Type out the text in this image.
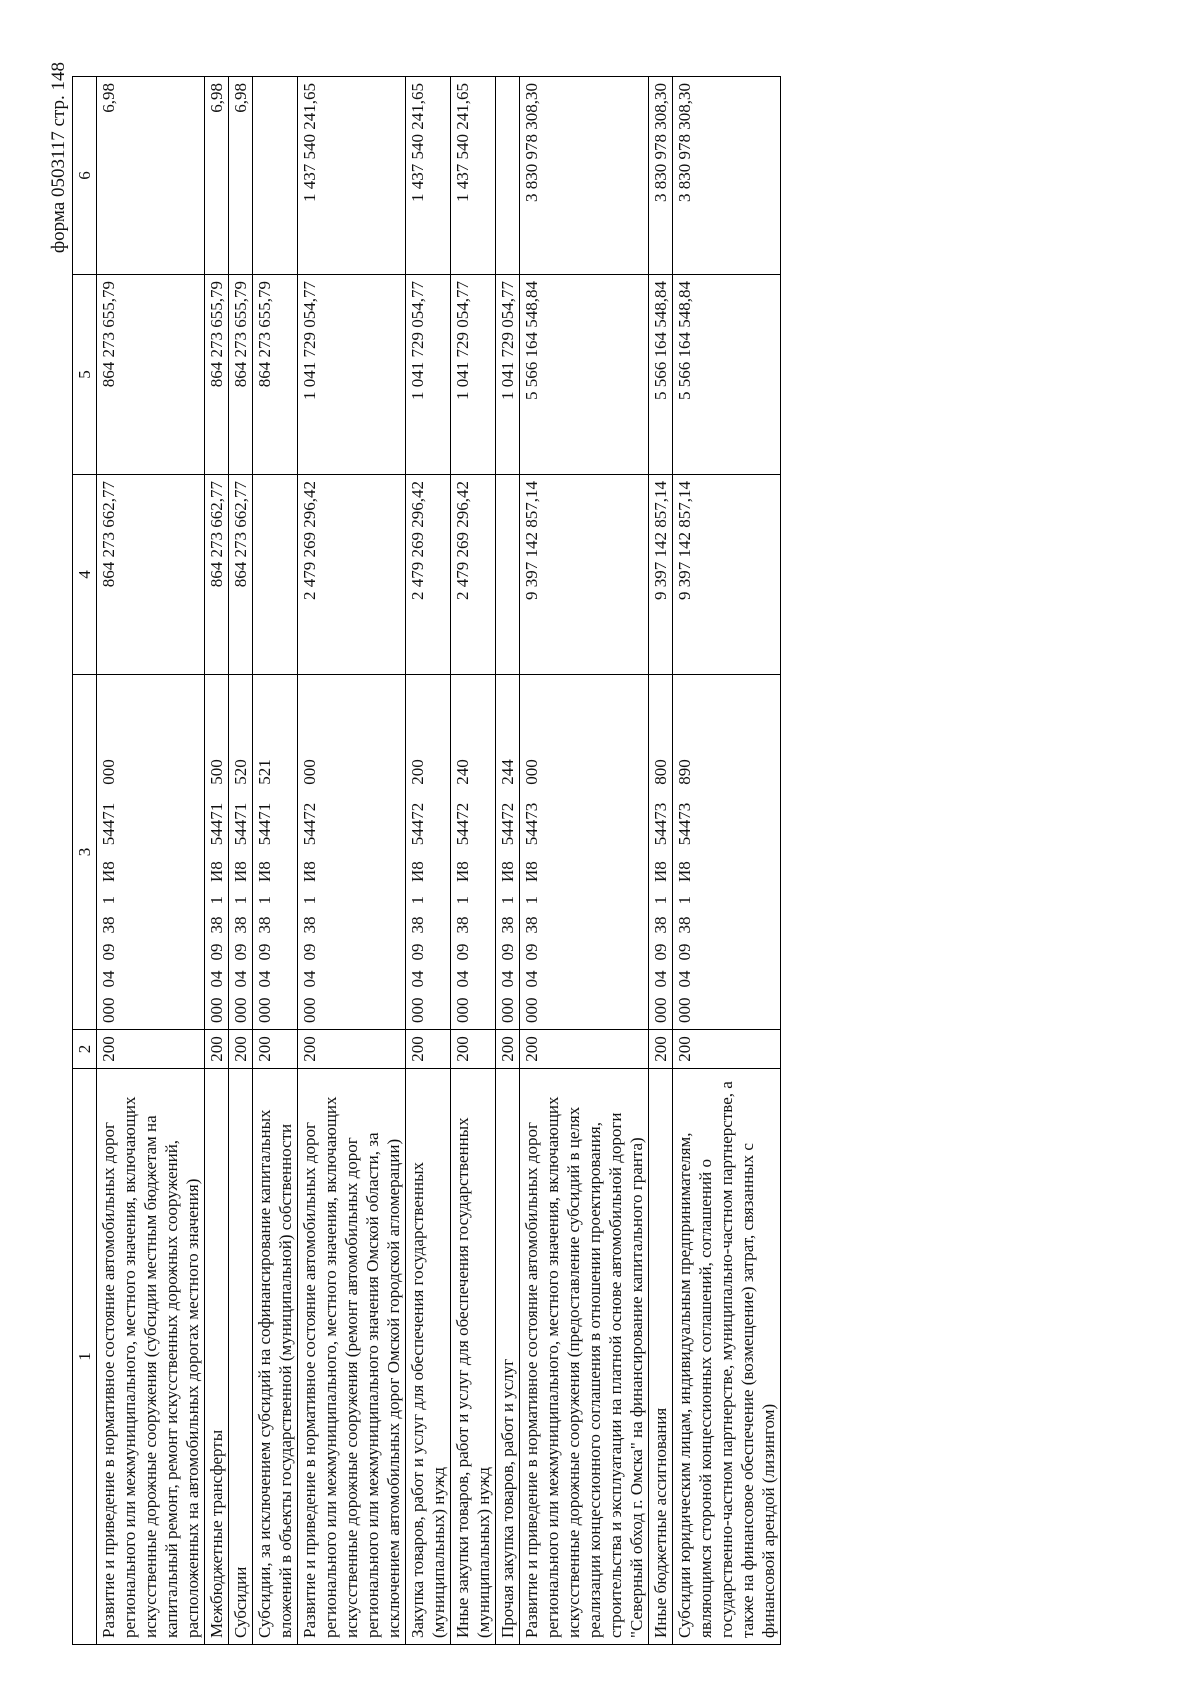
форма 0503117 стр. 148
1	2	3	4	5	6
Развитие и приведение в нормативное состояние автомобильных дорог регионального или межмуниципального, местного значения, включающих искусственные дорожные сооружения (субсидии местным бюджетам на капитальный ремонт, ремонт искусственных дорожных сооружений, расположенных на автомобильных дорогах местного значения)	200	0000409381И854471000	864 273 662,77	864 273 655,79	6,98
Межбюджетные трансферты	200	0000409381И854471500	864 273 662,77	864 273 655,79	6,98
Субсидии	200	0000409381И854471520	864 273 662,77	864 273 655,79	6,98
Субсидии, за исключением субсидий на софинансирование капитальных вложений в объекты государственной (муниципальной) собственности	200	0000409381И854471521		864 273 655,79	
Развитие и приведение в нормативное состояние автомобильных дорог регионального или межмуниципального, местного значения, включающих искусственные дорожные сооружения (ремонт автомобильных дорог регионального или межмуниципального значения Омской области, за исключением автомобильных дорог Омской городской агломерации)	200	0000409381И854472000	2 479 269 296,42	1 041 729 054,77	1 437 540 241,65
Закупка товаров, работ и услуг для обеспечения государственных (муниципальных) нужд	200	0000409381И854472200	2 479 269 296,42	1 041 729 054,77	1 437 540 241,65
Иные закупки товаров, работ и услуг для обеспечения государственных (муниципальных) нужд	200	0000409381И854472240	2 479 269 296,42	1 041 729 054,77	1 437 540 241,65
Прочая закупка товаров, работ и услуг	200	0000409381И854472244		1 041 729 054,77	
Развитие и приведение в нормативное состояние автомобильных дорог регионального или межмуниципального, местного значения, включающих искусственные дорожные сооружения (предоставление субсидий в целях реализации концессионного соглашения в отношении проектирования, строительства и эксплуатации на платной основе автомобильной дороги "Северный обход г. Омска" на финансирование капитального гранта)	200	0000409381И854473000	9 397 142 857,14	5 566 164 548,84	3 830 978 308,30
Иные бюджетные ассигнования	200	0000409381И854473800	9 397 142 857,14	5 566 164 548,84	3 830 978 308,30
Субсидии юридическим лицам, индивидуальным предпринимателям, являющимся стороной концессионных соглашений, соглашений о государственно-частном партнерстве, муниципально-частном партнерстве, а также на финансовое обеспечение (возмещение) затрат, связанных с финансовой арендой (лизингом)	200	0000409381И854473890	9 397 142 857,14	5 566 164 548,84	3 830 978 308,30
